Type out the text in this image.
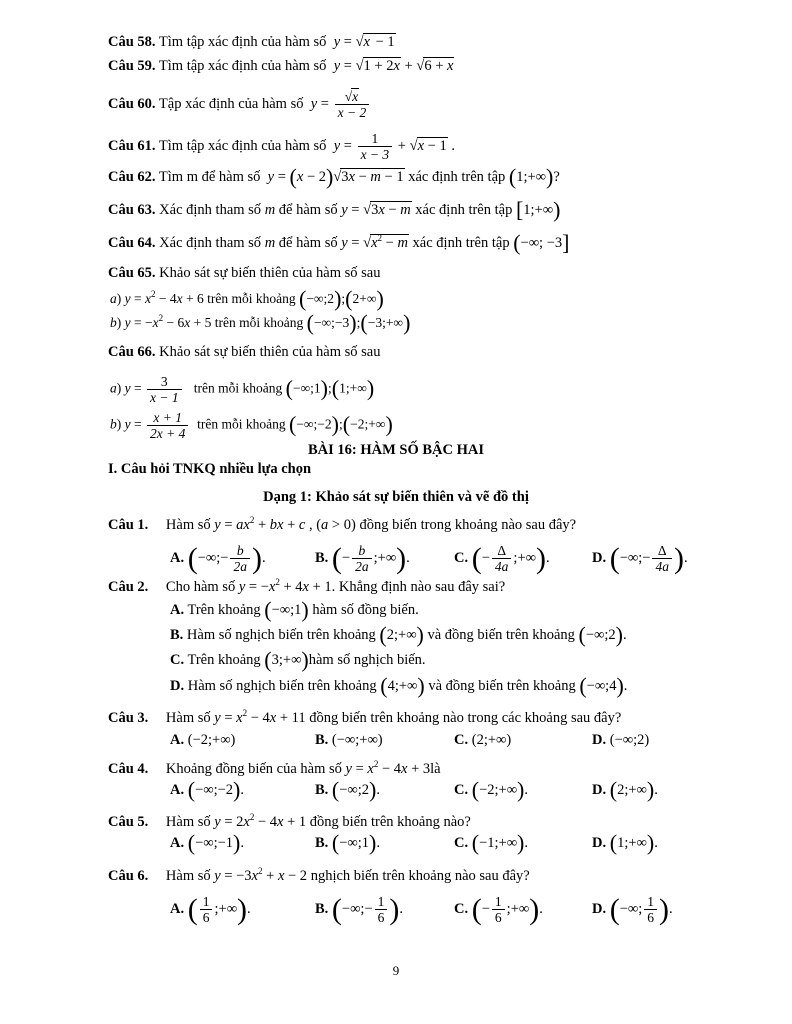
Câu 58. Tìm tập xác định của hàm số  y = √x − 1
Câu 59. Tìm tập xác định của hàm số  y = √1 + 2x + √6 + x
Câu 60. Tập xác định của hàm số  $y = \frac{√x}{x - 2}$
Câu 61. Tìm tập xác định của hàm số  $y = \frac{1}{x - 3} + √x - 1$ .
Câu 62. Tìm m để hàm số  y = (x − 2)√3x − m − 1 xác định trên tập (1;+∞)?
Câu 63. Xác định tham số m để hàm số y = √3x − m xác định trên tập [1;+∞)
Câu 64. Xác định tham số m để hàm số $y = √x^2 - m$ xác định trên tập (−∞; −3]
Câu 65. Khảo sát sự biến thiên của hàm số sau
a) $y = x^2 - 4x + 6$ trên mỗi khoảng (−∞;2);(2+∞)
b) $y = -x^2 - 6x + 5$ trên mỗi khoảng (−∞;−3);(−3;+∞)
Câu 66. Khảo sát sự biến thiên của hàm số sau
a) $y = \frac{3}{x - 1}$ trên mỗi khoảng (−∞;1);(1;+∞)
b) $y = \frac{x + 1}{2x + 4}$ trên mỗi khoảng (−∞;−2);(−2;+∞)
BÀI 16: HÀM SỐ BẬC HAI
I. Câu hỏi TNKQ nhiều lựa chọn
Dạng 1: Khảo sát sự biến thiên và vẽ đồ thị
Câu 1. Hàm số $y = ax^2$ + bx + c , (a > 0) đồng biến trong khoảng nào sau đây?
A. (−∞;− $\frac{b}{2a}$ ).	B. (− $\frac{b}{2a}$ ;+∞).	C. (− $\frac{\Delta}{4a}$ ;+∞).	D. (−∞;− $\frac{\Delta}{4a}$ ).
Câu 2. Cho hàm số $y = -x^2 + 4x + 1$. Khẳng định nào sau đây sai?
A. Trên khoảng (−∞;1) hàm số đồng biến.
B. Hàm số nghịch biến trên khoảng (2;+∞) và đồng biến trên khoảng (−∞;2).
C. Trên khoảng (3;+∞)hàm số nghịch biến.
D. Hàm số nghịch biến trên khoảng (4;+∞) và đồng biến trên khoảng (−∞;4).
Câu 3. Hàm số $y = x^2 - 4x + 11$ đồng biến trên khoảng nào trong các khoảng sau đây?
A. (−2;+∞)	B. (−∞;+∞)	C. (2;+∞)	D. (−∞;2)
Câu 4. Khoảng đồng biến của hàm số $y = x^2 - 4x$ + 3là
A. (−∞;−2).	B. (−∞;2).	C. (−2;+∞).	D. (2;+∞).
Câu 5. Hàm số $y = 2x^2 - 4x + 1$ đồng biến trên khoảng nào?
A. (−∞;−1).	B. (−∞;1).	C. (−1;+∞).	D. (1;+∞).
Câu 6. Hàm số $y = -3x^2 + x - 2$ nghịch biến trên khoảng nào sau đây?
A. ( $\frac{1}{6}$ ;+∞).	B. (−∞;− $\frac{1}{6}$ ).	C. (− $\frac{1}{6}$ ;+∞).	D. (−∞; $\frac{1}{6}$ ).
9
